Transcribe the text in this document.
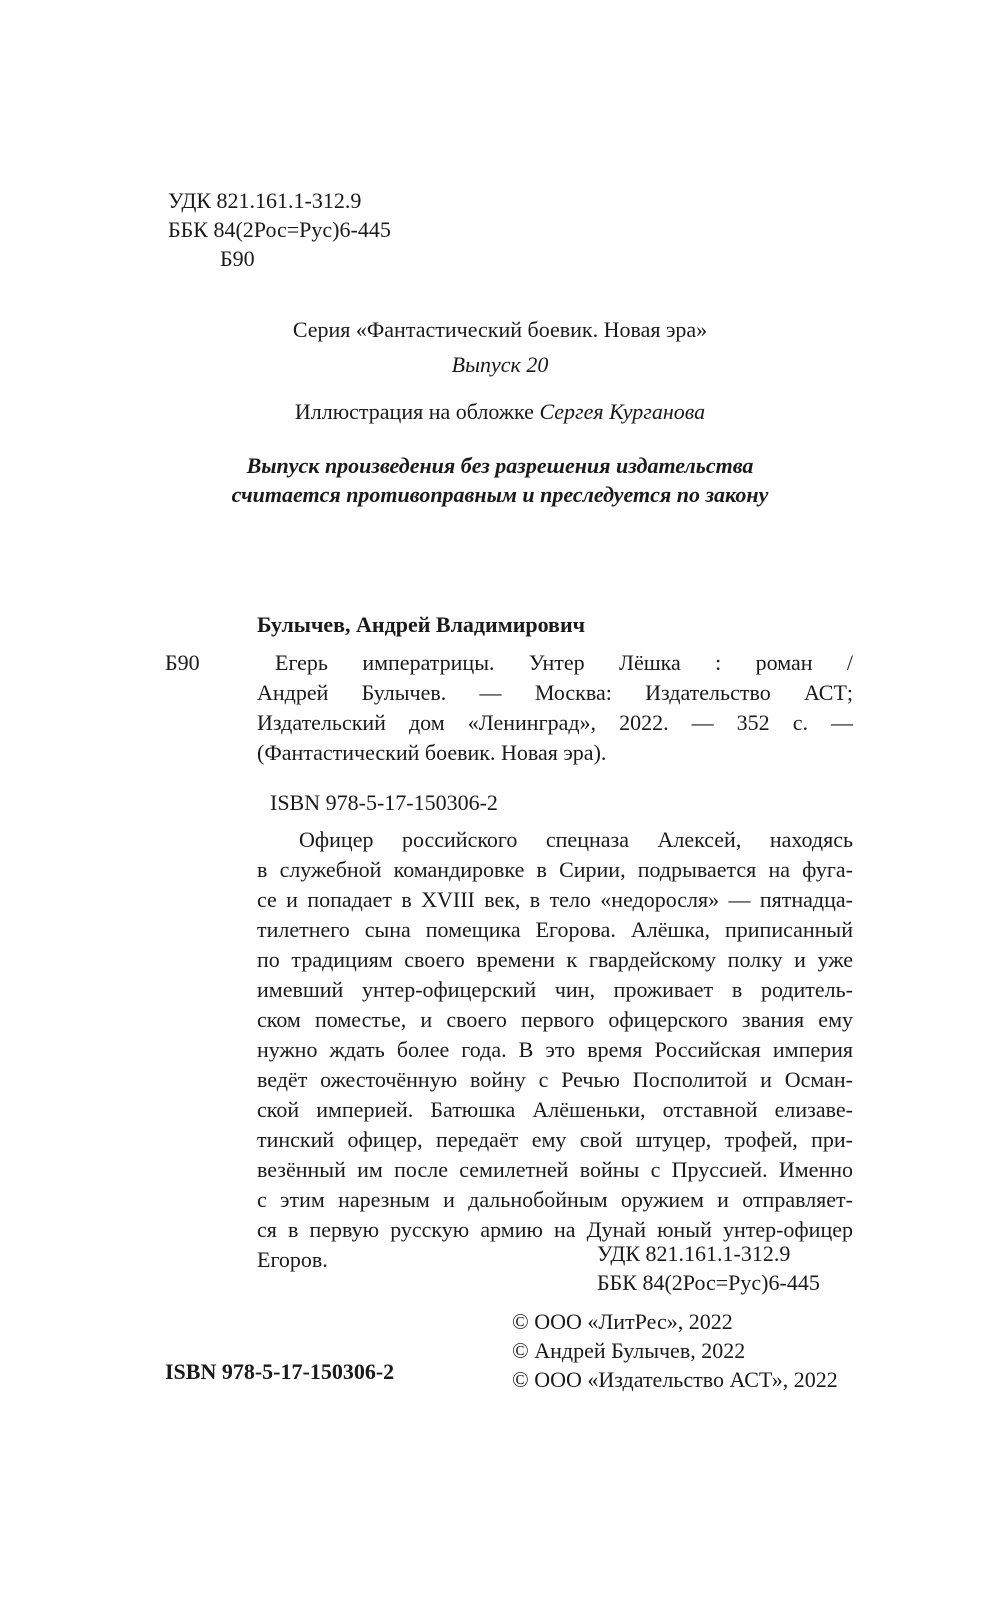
УДК 821.161.1-312.9
ББК 84(2Рос=Рус)6-445
Б90
Серия «Фантастический боевик. Новая эра»
Выпуск 20
Иллюстрация на обложке Сергея Курганова
Выпуск произведения без разрешения издательства
считается противоправным и преследуется по закону
Булычев, Андрей Владимирович
Б90	Егерь императрицы. Унтер Лёшка : роман /
Андрей Булычев. — Москва: Издательство АСТ;
Издательский дом «Ленинград», 2022. — 352 с. —
(Фантастический боевик. Новая эра).
ISBN 978-5-17-150306-2
Офицер российского спецназа Алексей, находясь
в служебной командировке в Сирии, подрывается на фуга-
се и попадает в XVIII век, в тело «недоросля» — пятнадца-
тилетнего сына помещика Егорова. Алёшка, приписанный
по традициям своего времени к гвардейскому полку и уже
имевший унтер-офицерский чин, проживает в родитель-
ском поместье, и своего первого офицерского звания ему
нужно ждать более года. В это время Российская империя
ведёт ожесточённую войну с Речью Посполитой и Осман-
ской империей. Батюшка Алёшеньки, отставной елизаве-
тинский офицер, передаёт ему свой штуцер, трофей, при-
везённый им после семилетней войны с Пруссией. Именно
с этим нарезным и дальнобойным оружием и отправляет-
ся в первую русскую армию на Дунай юный унтер-офицер
Егоров.	УДК 821.161.1-312.9
ББК 84(2Рос=Рус)6-445
© ООО «ЛитРес», 2022
© Андрей Булычев, 2022
© ООО «Издательство АСТ», 2022
ISBN 978-5-17-150306-2
